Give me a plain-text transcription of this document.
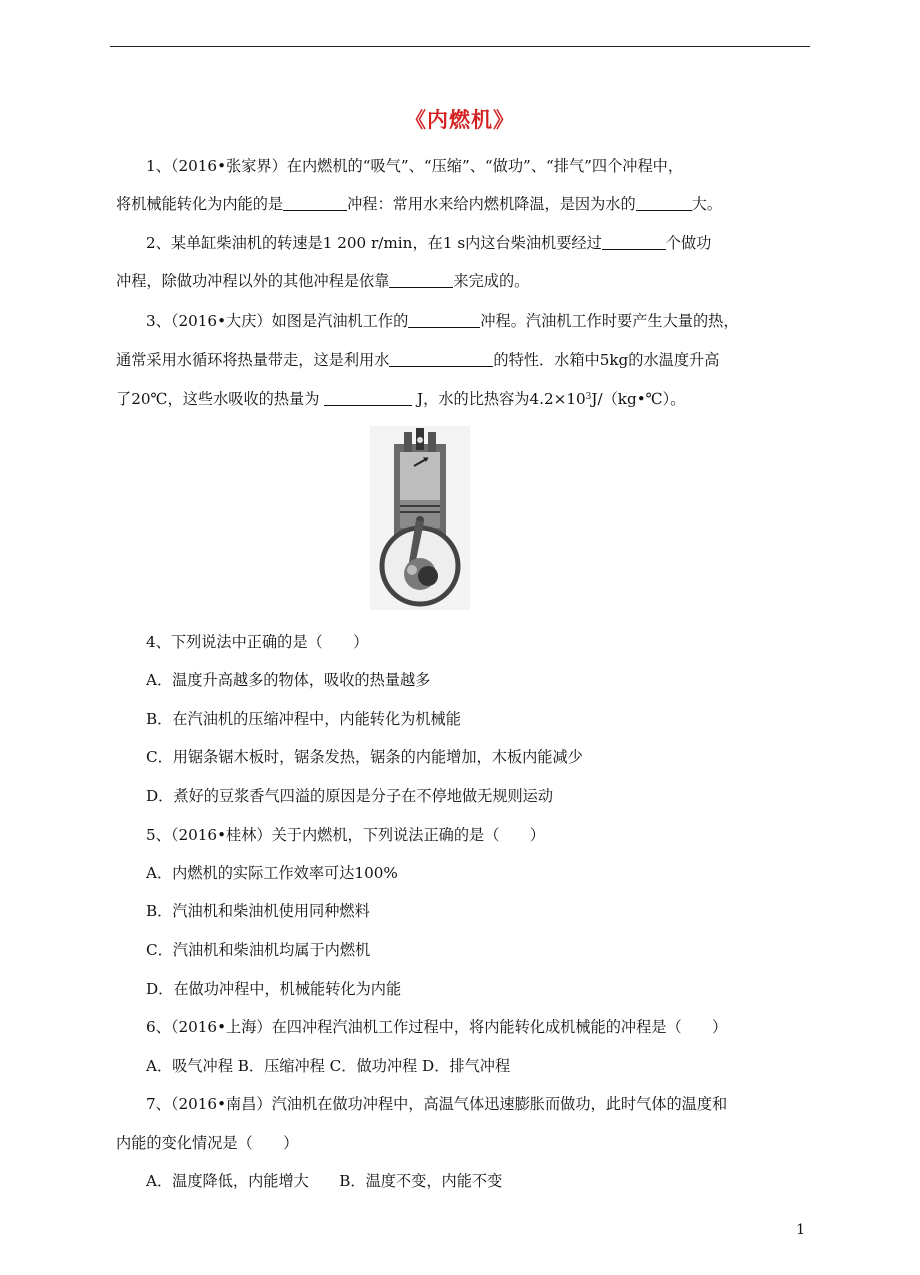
《内燃机》
1、（2016•张家界）在内燃机的“吸气”、“压缩”、“做功”、“排气”四个冲程中，
将机械能转化为内能的是	冲程：常用水来给内燃机降温，是因为水的	大。
2、某单缸柴油机的转速是1 200 r/min，在1 s内这台柴油机要经过	个做功
冲程，除做功冲程以外的其他冲程是依靠	来完成的。
3、（2016•大庆）如图是汽油机工作的	冲程。汽油机工作时要产生大量的热，
通常采用水循环将热量带走，这是利用水	的特性．水箱中5kg的水温度升高
了20℃，这些水吸收的热量为	J，水的比热容为$4.2\times 10^3J/(kg•℃)$。
4、下列说法中正确的是（　　）
A．温度升高越多的物体，吸收的热量越多
B．在汽油机的压缩冲程中，内能转化为机械能
C．用锯条锯木板时，锯条发热，锯条的内能增加，木板内能减少
D．煮好的豆浆香气四溢的原因是分子在不停地做无规则运动
5、（2016•桂林）关于内燃机，下列说法正确的是（　　）
A．内燃机的实际工作效率可达100%
B．汽油机和柴油机使用同种燃料
C．汽油机和柴油机均属于内燃机
D．在做功冲程中，机械能转化为内能
6、（2016•上海）在四冲程汽油机工作过程中，将内能转化成机械能的冲程是（　　）
A．吸气冲程 B．压缩冲程 C．做功冲程 D．排气冲程
7、（2016•南昌）汽油机在做功冲程中，高温气体迅速膨胀而做功，此时气体的温度和
内能的变化情况是（　　）
A．温度降低，内能增大　　B．温度不变，内能不变
1
